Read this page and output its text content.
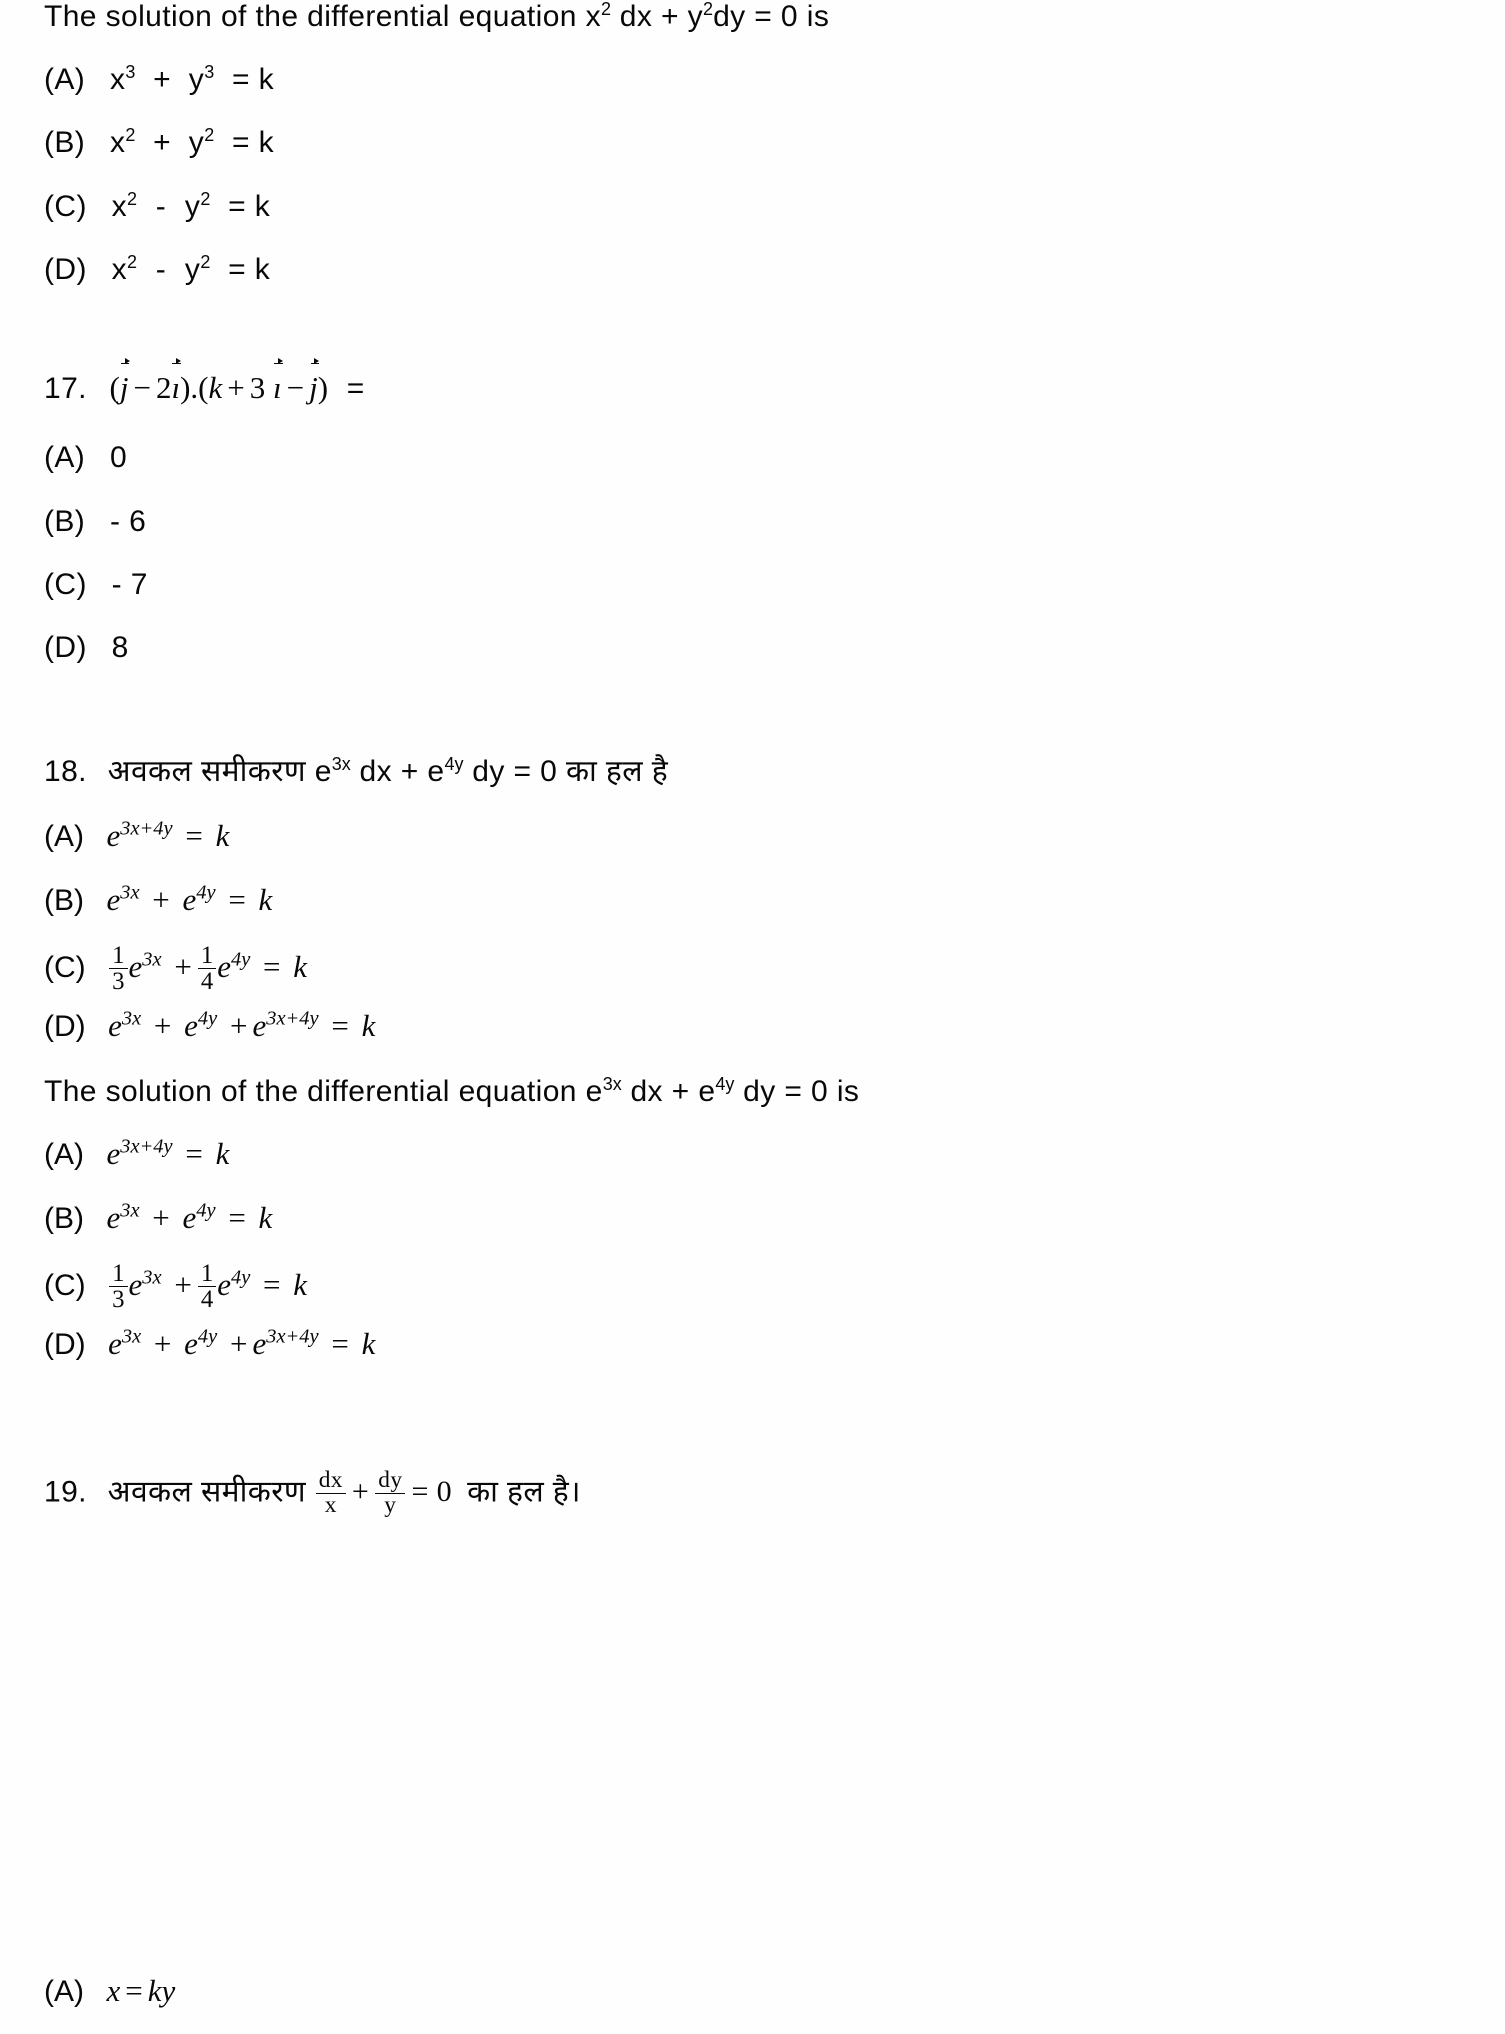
The solution of the differential equation $x^2$ dx + $y^2dy = 0$ is
(A) $x^3 + y^3 = k$
(B) $x^2 + y^2 = k$
(C) $x^2 - y^2 = k$
(D) $x^2 - y^2 = k$
17. (j − 2ı).(k + 3 ı − j) =
(A) 0
(B) - 6
(C) - 7
(D) 8
18. अवकल समीकरण $e^{3x}$ dx + $e^{4y}$ dy = 0 का हल है
(A) $e^{3x+4y} = k$
(B) $e^{3x} + e^{4y} = k$
$(C) \frac{1}{3} e^{3x} + \frac{1}{4} e^{4y} = k$
(D) $e^{3x} + e^{4y} + e^{3x+4y} = k$
The solution of the differential equation $e^{3x}$ dx + $e^{4y}$ dy = 0 is
(A) $e^{3x+4y} = k$
(B) $e^{3x} + e^{4y} = k$
$(C) \frac{1}{3} e^{3x} + \frac{1}{4} e^{4y} = k$
(D) $e^{3x} + e^{4y} + e^{3x+4y} = k$
19. अवकल समीकरण $\frac{dx}{x} + \frac{dy}{y} = 0$ का हल है।
(A) x = ky
